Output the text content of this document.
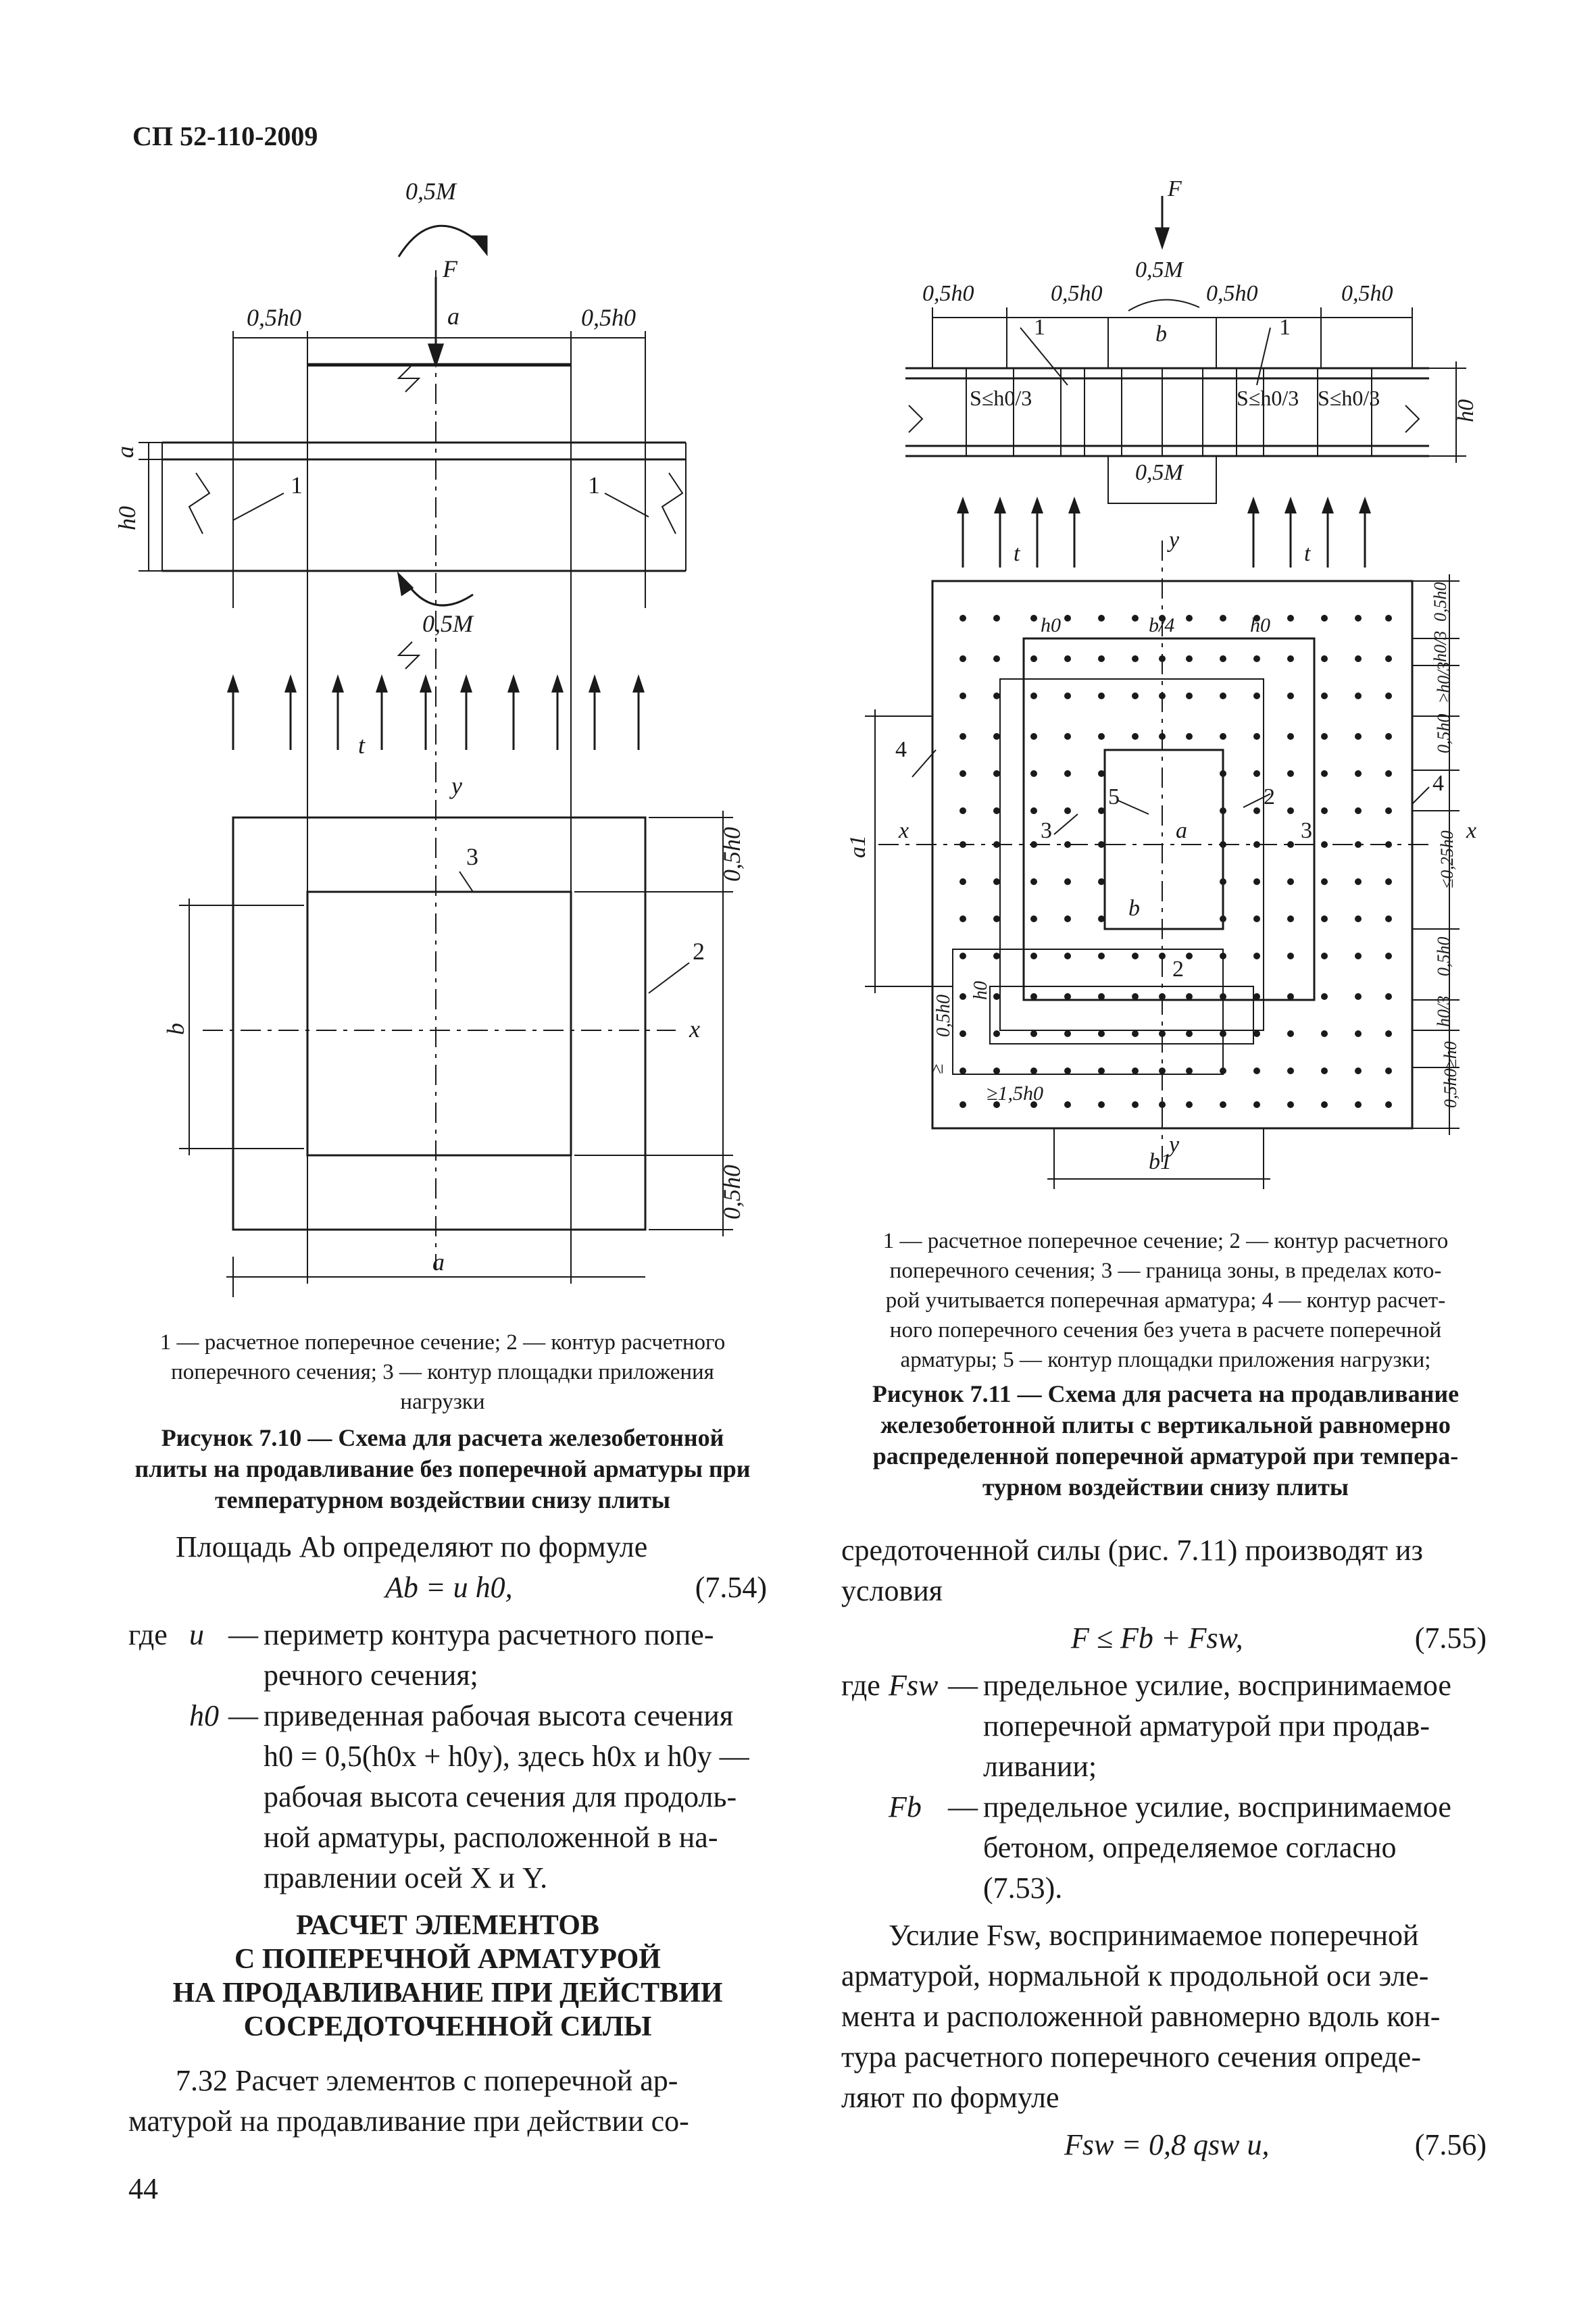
СП 52-110-2009
0,5M
F
a
0,5h0	0,5h0
a
h0
1	1
0,5M
t
y
x
3
2
b
0,5h0
0,5h0
a
F
0,5M
0,5h0	0,5h0	0,5h0	0,5h0
b
1	1
S≤h0/3	S≤h0/3 S≤h0/3
h0
0,5M
t	t
y
y
x	x
h0	b/4	h0
2
2
3	3
4
4
5
a
b
a1
b1
h0
≥1,5h0
0,5h0
≥
0,5h0
h0/3
≥h0/3
0,5h0
≤0,25h0
0,5h0
h0/3
0,5h0≥h0
1 — расчетное поперечное сечение; 2 — контур расчетного
поперечного сечения; 3 — контур площадки приложения
нагрузки
Рисунок 7.10 — Схема для расчета железобетонной
плиты на продавливание без поперечной арматуры при
температурном воздействии снизу плиты
1 — расчетное поперечное сечение; 2 — контур расчетного
поперечного сечения; 3 — граница зоны, в пределах кото-
рой учитывается поперечная арматура; 4 — контур расчет-
ного поперечного сечения без учета в расчете поперечной
арматуры; 5 — контур площадки приложения нагрузки;
Рисунок 7.11 — Схема для расчета на продавливание
железобетонной плиты с вертикальной равномерно
распределенной поперечной арматурой при темпера-
турном воздействии снизу плиты
Площадь Ab определяют по формуле
Ab = u h0,	(7.54)
где u — периметр контура расчетного попе-
речного сечения;
h0 — приведенная рабочая высота сечения
h0 = 0,5(h0x + h0y), здесь h0x и h0y —
рабочая высота сечения для продоль-
ной арматуры, расположенной в на-
правлении осей X и Y.
РАСЧЕТ ЭЛЕМЕНТОВ
С ПОПЕРЕЧНОЙ АРМАТУРОЙ
НА ПРОДАВЛИВАНИЕ ПРИ ДЕЙСТВИИ
СОСРЕДОТОЧЕННОЙ СИЛЫ
7.32 Расчет элементов с поперечной ар-
матурой на продавливание при действии со-
44
средоточенной силы (рис. 7.11) производят из
условия
F ≤ Fb + Fsw,	(7.55)
где Fsw — предельное усилие, воспринимаемое
поперечной арматурой при продав-
ливании;
Fb — предельное усилие, воспринимаемое
бетоном, определяемое согласно
(7.53).
Усилие Fsw, воспринимаемое поперечной
арматурой, нормальной к продольной оси эле-
мента и расположенной равномерно вдоль кон-
тура расчетного поперечного сечения опреде-
ляют по формуле
Fsw = 0,8 qsw u,	(7.56)
